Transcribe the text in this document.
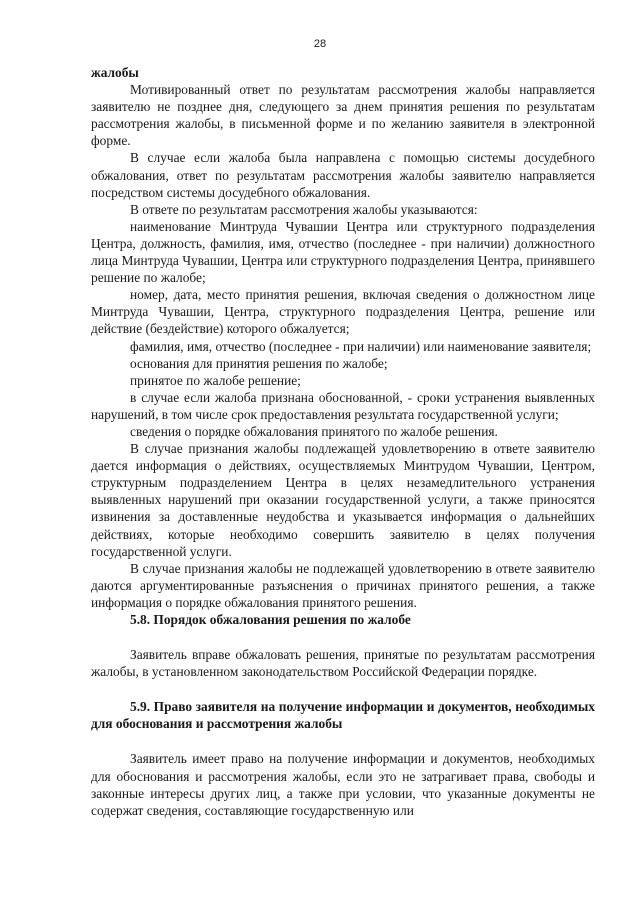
28

жалобы

Мотивированный ответ по результатам рассмотрения жалобы направляется заявителю не позднее дня, следующего за днем принятия решения по результатам рассмотрения жалобы, в письменной форме и по желанию заявителя в электронной форме.

В случае если жалоба была направлена с помощью системы досудебного обжалования, ответ по результатам рассмотрения жалобы заявителю направляется посредством системы досудебного обжалования.

В ответе по результатам рассмотрения жалобы указываются:

наименование Минтруда Чувашии Центра или структурного подразделения Центра, должность, фамилия, имя, отчество (последнее - при наличии) должностного лица Минтруда Чувашии, Центра или структурного подразделения Центра, принявшего решение по жалобе;

номер, дата, место принятия решения, включая сведения о должностном лице Минтруда Чувашии, Центра, структурного подразделения Центра, решение или действие (бездействие) которого обжалуется;

фамилия, имя, отчество (последнее - при наличии) или наименование заявителя;

основания для принятия решения по жалобе;

принятое по жалобе решение;

в случае если жалоба признана обоснованной, - сроки устранения выявленных нарушений, в том числе срок предоставления результата государственной услуги;

сведения о порядке обжалования принятого по жалобе решения.

В случае признания жалобы подлежащей удовлетворению в ответе заявителю дается информация о действиях, осуществляемых Минтрудом Чувашии, Центром, структурным подразделением Центра в целях незамедлительного устранения выявленных нарушений при оказании государственной услуги, а также приносятся извинения за доставленные неудобства и указывается информация о дальнейших действиях, которые необходимо совершить заявителю в целях получения государственной услуги.

В случае признания жалобы не подлежащей удовлетворению в ответе заявителю даются аргументированные разъяснения о причинах принятого решения, а также информация о порядке обжалования принятого решения.

5.8. Порядок обжалования решения по жалобе

Заявитель вправе обжаловать решения, принятые по результатам рассмотрения жалобы, в установленном законодательством Российской Федерации порядке.

5.9. Право заявителя на получение информации и документов, необходимых для обоснования и рассмотрения жалобы

Заявитель имеет право на получение информации и документов, необходимых для обоснования и рассмотрения жалобы, если это не затрагивает права, свободы и законные интересы других лиц, а также при условии, что указанные документы не содержат сведения, составляющие государственную или
